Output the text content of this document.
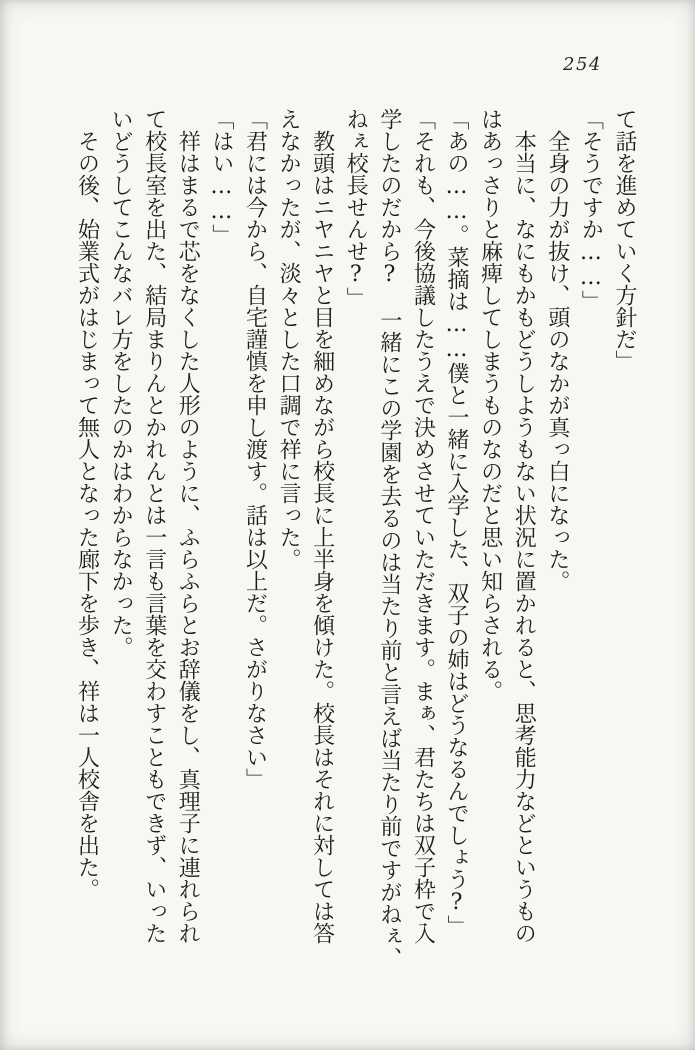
254

て話を進めていく方針だ」

「そうですか……」

　全身の力が抜け、頭のなかが真っ白になった。

　本当に、なにもかもどうしようもない状況に置かれると、思考能力などというもの

はあっさりと麻痺してしまうものなのだと思い知らされる。

「あの……。菜摘は……僕と一緒に入学した、双子の姉はどうなるんでしょう?」

「それも、今後協議したうえで決めさせていただきます。まぁ、君たちは双子枠で入

学したのだから?　一緒にこの学園を去るのは当たり前と言えば当たり前ですがねぇ、

ねぇ校長せんせ?」

　教頭はニヤニヤと目を細めながら校長に上半身を傾けた。校長はそれに対しては答

えなかったが、淡々とした口調で祥に言った。

「君には今から、自宅謹慎を申し渡す。話は以上だ。さがりなさい」

「はい……」

　祥はまるで芯をなくした人形のように、ふらふらとお辞儀をし、真理子に連れられ

て校長室を出た、結局まりんとかれんとは一言も言葉を交わすこともできず、いった

いどうしてこんなバレ方をしたのかはわからなかった。

　その後、始業式がはじまって無人となった廊下を歩き、祥は一人校舎を出た。
